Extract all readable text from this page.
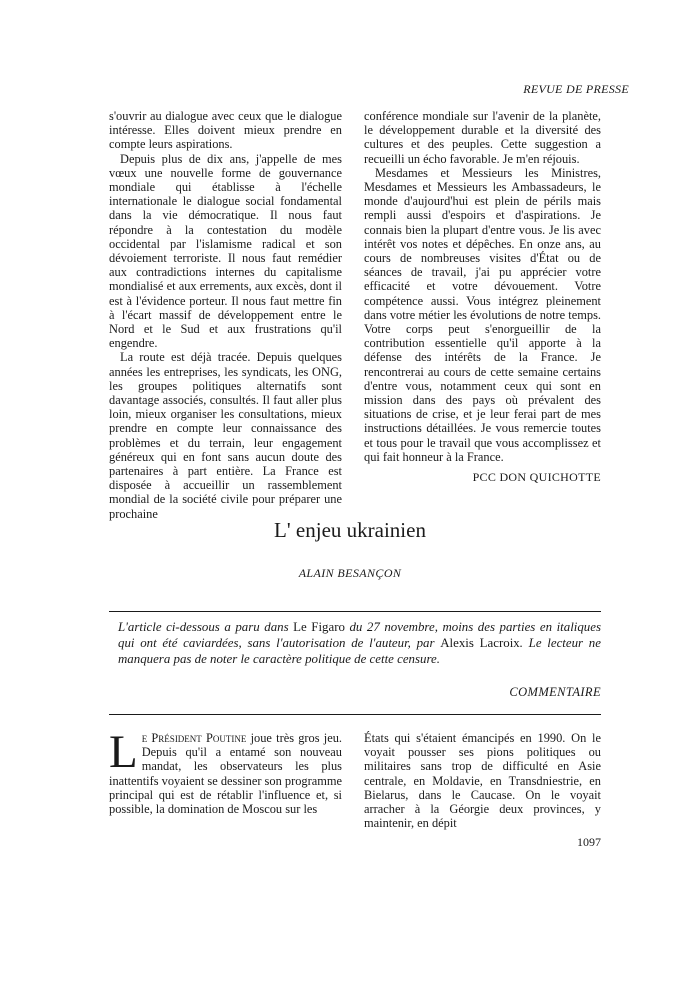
REVUE DE PRESSE

s'ouvrir au dialogue avec ceux que le dialogue intéresse. Elles doivent mieux prendre en compte leurs aspirations.

Depuis plus de dix ans, j'appelle de mes vœux une nouvelle forme de gouvernance mondiale qui établisse à l'échelle internationale le dialogue social fondamental dans la vie démocratique. Il nous faut répondre à la contestation du modèle occidental par l'islamisme radical et son dévoiement terroriste. Il nous faut remédier aux contradictions internes du capitalisme mondialisé et aux errements, aux excès, dont il est à l'évidence porteur. Il nous faut mettre fin à l'écart massif de développement entre le Nord et le Sud et aux frustrations qu'il engendre.

La route est déjà tracée. Depuis quelques années les entreprises, les syndicats, les ONG, les groupes politiques alternatifs sont davantage associés, consultés. Il faut aller plus loin, mieux organiser les consultations, mieux prendre en compte leur connaissance des problèmes et du terrain, leur engagement généreux qui en font sans aucun doute des partenaires à part entière. La France est disposée à accueillir un rassemblement mondial de la société civile pour préparer une prochaine

conférence mondiale sur l'avenir de la planète, le développement durable et la diversité des cultures et des peuples. Cette suggestion a recueilli un écho favorable. Je m'en réjouis.

Mesdames et Messieurs les Ministres, Mesdames et Messieurs les Ambassadeurs, le monde d'aujourd'hui est plein de périls mais rempli aussi d'espoirs et d'aspirations. Je connais bien la plupart d'entre vous. Je lis avec intérêt vos notes et dépêches. En onze ans, au cours de nombreuses visites d'État ou de séances de travail, j'ai pu apprécier votre efficacité et votre dévouement. Votre compétence aussi. Vous intégrez pleinement dans votre métier les évolutions de notre temps. Votre corps peut s'enorgueillir de la contribution essentielle qu'il apporte à la défense des intérêts de la France. Je rencontrerai au cours de cette semaine certains d'entre vous, notamment ceux qui sont en mission dans des pays où prévalent des situations de crise, et je leur ferai part de mes instructions détaillées. Je vous remercie toutes et tous pour le travail que vous accomplissez et qui fait honneur à la France.

PCC DON QUICHOTTE
L' enjeu ukrainien
ALAIN BESANÇON
L'article ci-dessous a paru dans Le Figaro du 27 novembre, moins des parties en italiques qui ont été caviardées, sans l'autorisation de l'auteur, par Alexis Lacroix. Le lecteur ne manquera pas de noter le caractère politique de cette censure.
COMMENTAIRE

Le Président Poutine joue très gros jeu. Depuis qu'il a entamé son nouveau mandat, les observateurs les plus inattentifs voyaient se dessiner son programme principal qui est de rétablir l'influence et, si possible, la domination de Moscou sur les

États qui s'étaient émancipés en 1990. On le voyait pousser ses pions politiques ou militaires sans trop de difficulté en Asie centrale, en Moldavie, en Transdniestrie, en Bielarus, dans le Caucase. On le voyait arracher à la Géorgie deux provinces, y maintenir, en dépit

1097
